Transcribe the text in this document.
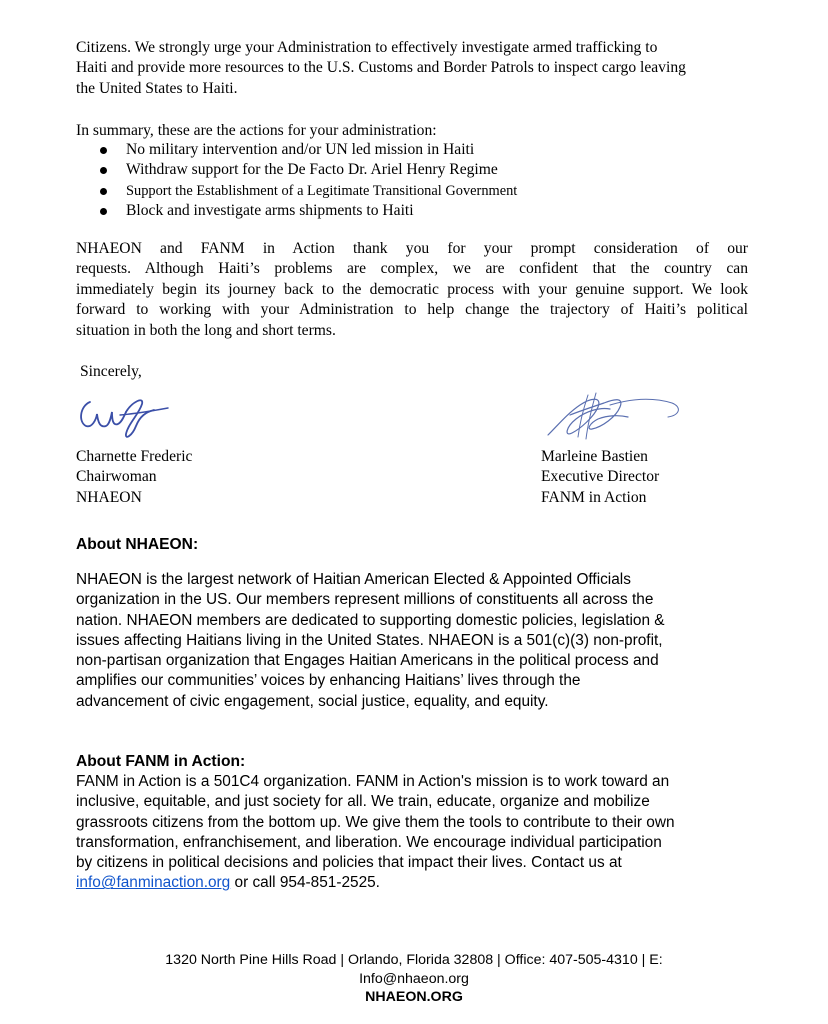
Citizens. We strongly urge your Administration to effectively investigate armed trafficking to

Haiti and provide more resources to the U.S. Customs and Border Patrols to inspect cargo leaving

the United States to Haiti.

In summary, these are the actions for your administration:

No military intervention and/or UN led mission in Haiti
Withdraw support for the De Facto Dr. Ariel Henry Regime
Support the Establishment of a Legitimate Transitional Government
Block and investigate arms shipments to Haiti

NHAEON and FANM in Action thank you for your prompt consideration of our

requests. Although Haiti’s problems are complex, we are confident that the country can

immediately begin its journey back to the democratic process with your genuine support. We look

forward to working with your Administration to help change the trajectory of Haiti’s political

situation in both the long and short terms.

Sincerely,

Charnette Frederic

Chairwoman

NHAEON

Marleine Bastien

Executive Director

FANM in Action

About NHAEON:

NHAEON is the largest network of Haitian American Elected & Appointed Officials

organization in the US. Our members represent millions of constituents all across the

nation. NHAEON members are dedicated to supporting domestic policies, legislation &

issues affecting Haitians living in the United States. NHAEON is a 501(c)(3) non-profit,

non-partisan organization that Engages Haitian Americans in the political process and

amplifies our communities’ voices by enhancing Haitians’ lives through the

advancement of civic engagement, social justice, equality, and equity.

About FANM in Action:

FANM in Action is a 501C4 organization. FANM in Action's mission is to work toward an

inclusive, equitable, and just society for all. We train, educate, organize and mobilize

grassroots citizens from the bottom up. We give them the tools to contribute to their own

transformation, enfranchisement, and liberation. We encourage individual participation

by citizens in political decisions and policies that impact their lives. Contact us at

info@fanminaction.org or call 954-851-2525.

1320 North Pine Hills Road | Orlando, Florida 32808 | Office: 407-505-4310 | E:

Info@nhaeon.org

NHAEON.ORG
